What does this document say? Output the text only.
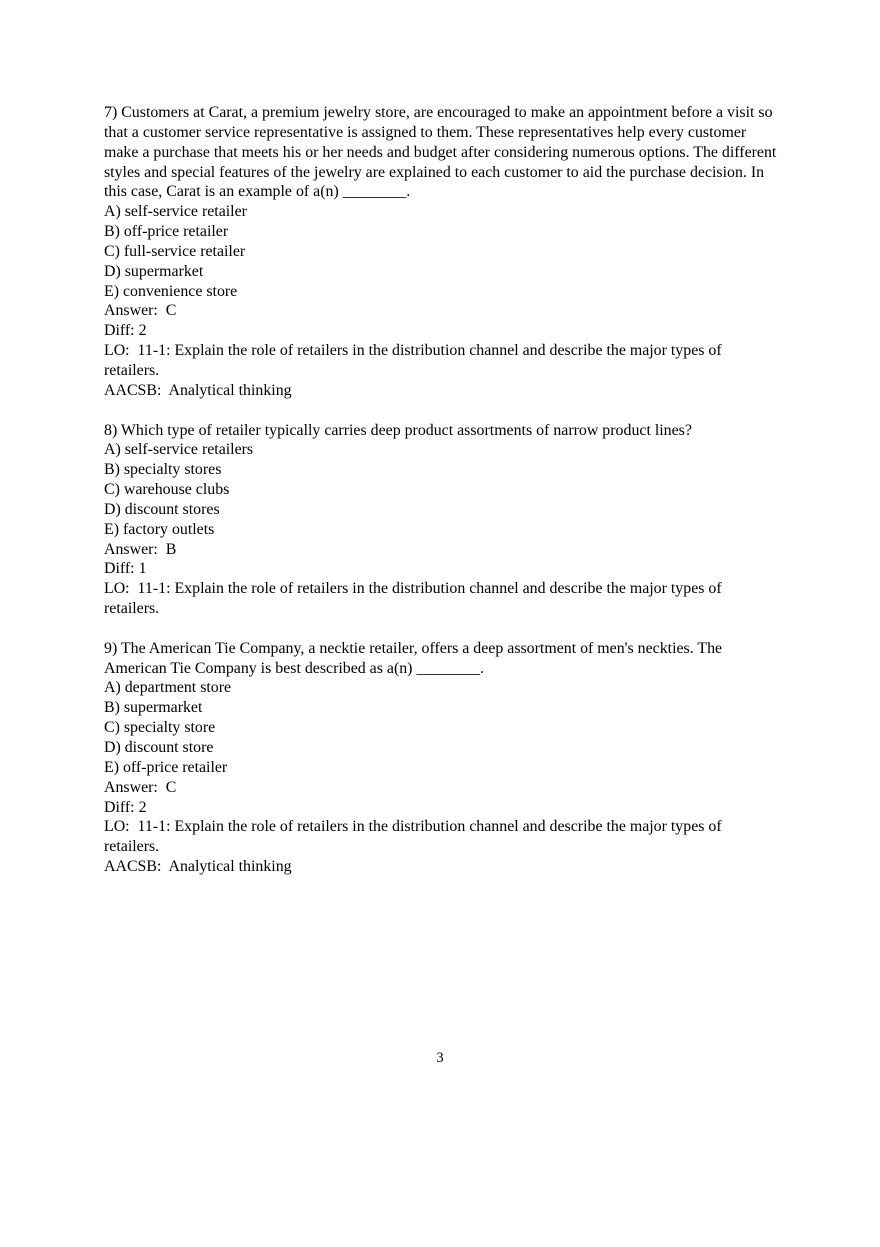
7) Customers at Carat, a premium jewelry store, are encouraged to make an appointment before a visit so that a customer service representative is assigned to them. These representatives help every customer make a purchase that meets his or her needs and budget after considering numerous options. The different styles and special features of the jewelry are explained to each customer to aid the purchase decision. In this case, Carat is an example of a(n) ________.
A) self-service retailer
B) off-price retailer
C) full-service retailer
D) supermarket
E) convenience store
Answer:  C
Diff: 2
LO:  11-1: Explain the role of retailers in the distribution channel and describe the major types of retailers.
AACSB:  Analytical thinking
8) Which type of retailer typically carries deep product assortments of narrow product lines?
A) self-service retailers
B) specialty stores
C) warehouse clubs
D) discount stores
E) factory outlets
Answer:  B
Diff: 1
LO:  11-1: Explain the role of retailers in the distribution channel and describe the major types of retailers.
9) The American Tie Company, a necktie retailer, offers a deep assortment of men's neckties. The American Tie Company is best described as a(n) ________.
A) department store
B) supermarket
C) specialty store
D) discount store
E) off-price retailer
Answer:  C
Diff: 2
LO:  11-1: Explain the role of retailers in the distribution channel and describe the major types of retailers.
AACSB:  Analytical thinking
3
